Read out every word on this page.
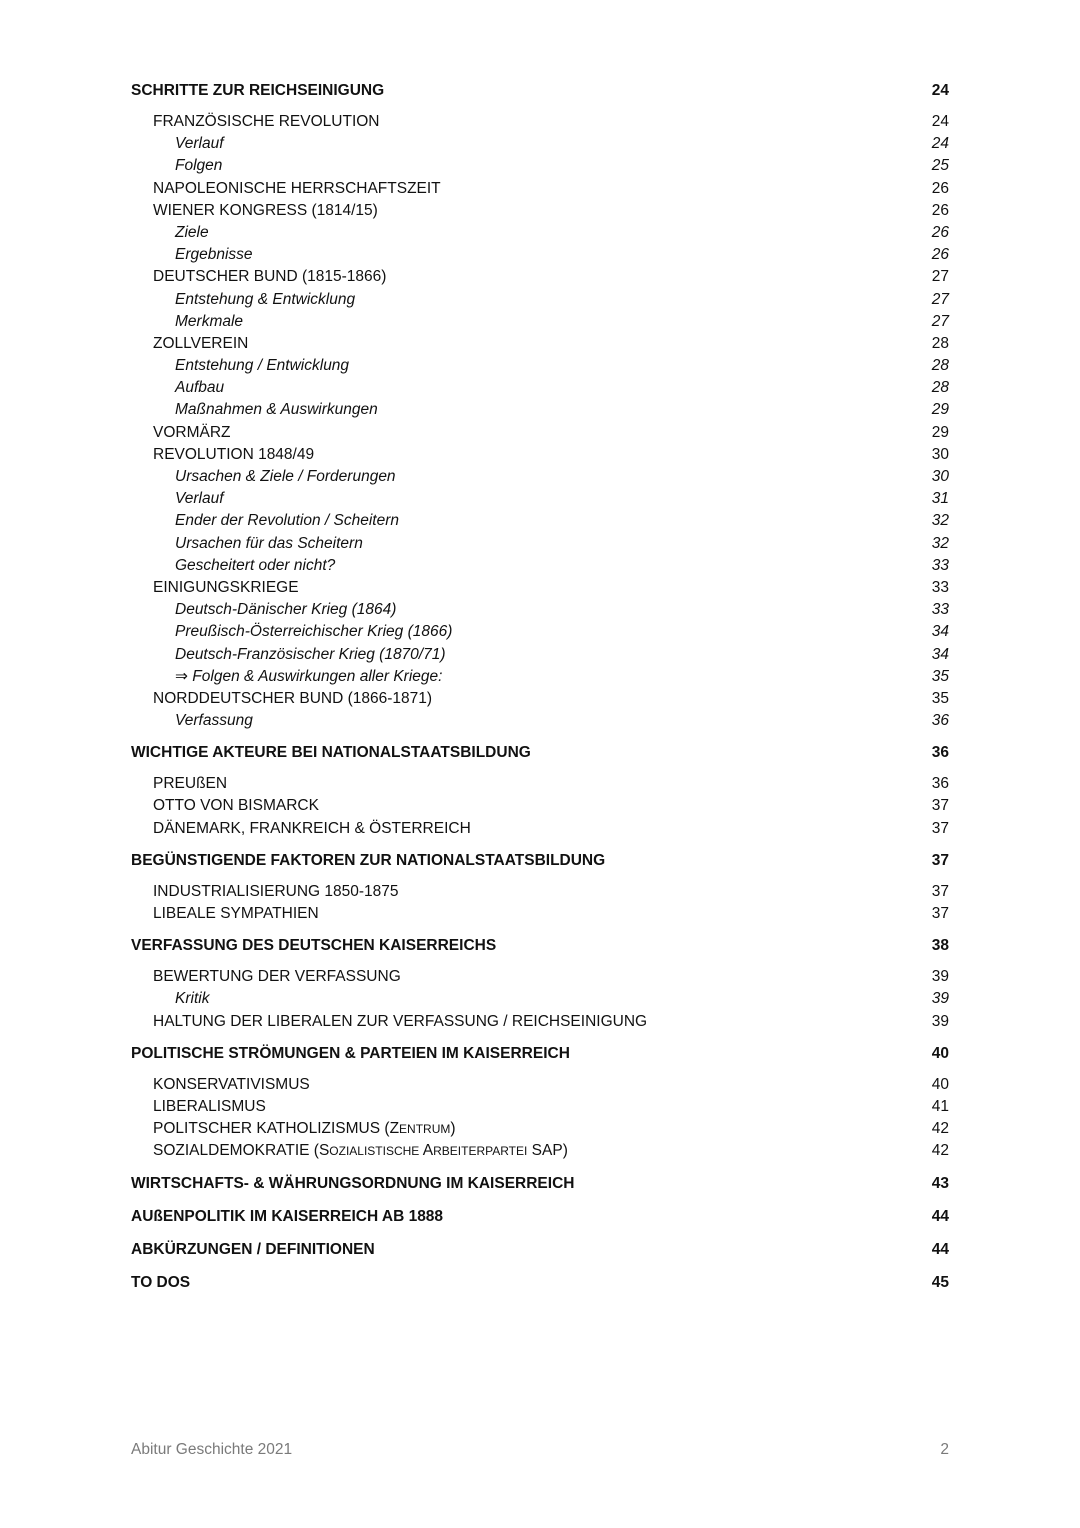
SCHRITTE ZUR REICHSEINIGUNG	24
FRANZÖSISCHE REVOLUTION	24
Verlauf	24
Folgen	25
NAPOLEONISCHE HERRSCHAFTSZEIT	26
WIENER KONGRESS (1814/15)	26
Ziele	26
Ergebnisse	26
DEUTSCHER BUND (1815-1866)	27
Entstehung & Entwicklung	27
Merkmale	27
ZOLLVEREIN	28
Entstehung / Entwicklung	28
Aufbau	28
Maßnahmen & Auswirkungen	29
VORMÄRZ	29
REVOLUTION 1848/49	30
Ursachen & Ziele / Forderungen	30
Verlauf	31
Ender der Revolution / Scheitern	32
Ursachen für das Scheitern	32
Gescheitert oder nicht?	33
EINIGUNGSKRIEGE	33
Deutsch-Dänischer Krieg (1864)	33
Preußisch-Österreichischer Krieg (1866)	34
Deutsch-Französischer Krieg (1870/71)	34
⇒ Folgen & Auswirkungen aller Kriege:	35
NORDDEUTSCHER BUND (1866-1871)	35
Verfassung	36
WICHTIGE AKTEURE BEI NATIONALSTAATSBILDUNG	36
PREUßEN	36
OTTO VON BISMARCK	37
DÄNEMARK, FRANKREICH & ÖSTERREICH	37
BEGÜNSTIGENDE FAKTOREN ZUR NATIONALSTAATSBILDUNG	37
INDUSTRIALISIERUNG 1850-1875	37
LIBEALE SYMPATHIEN	37
VERFASSUNG DES DEUTSCHEN KAISERREICHS	38
BEWERTUNG DER VERFASSUNG	39
Kritik	39
HALTUNG DER LIBERALEN ZUR VERFASSUNG / REICHSEINIGUNG	39
POLITISCHE STRÖMUNGEN & PARTEIEN IM KAISERREICH	40
KONSERVATIVISMUS	40
LIBERALISMUS	41
POLITSCHER KATHOLIZISMUS (ZENTRUM)	42
SOZIALDEMOKRATIE (SOZIALISTISCHE ARBEITERPARTEI SAP)	42
WIRTSCHAFTS- & WÄHRUNGSORDNUNG IM KAISERREICH	43
AUßENPOLITIK IM KAISERREICH AB 1888	44
ABKÜRZUNGEN / DEFINITIONEN	44
TO DOS	45
Abitur Geschichte 2021	2
